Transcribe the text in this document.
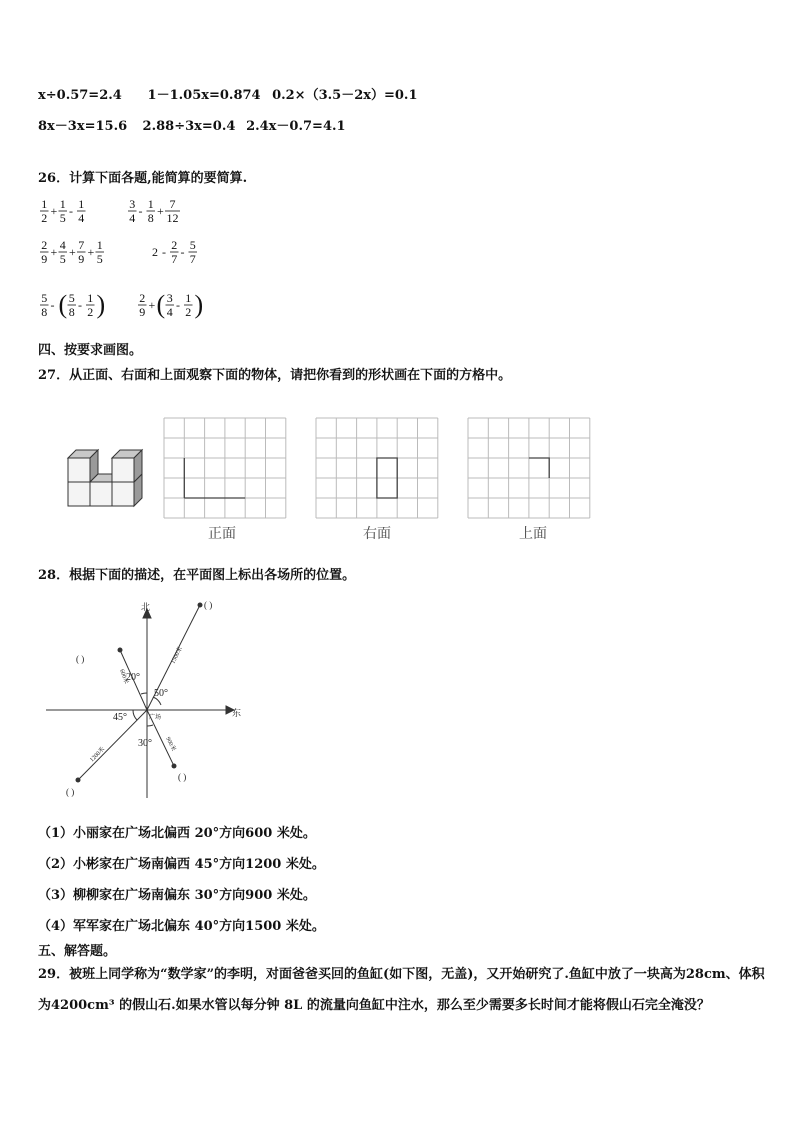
x÷0.57=2.4 1－1.05x=0.874 0.2×（3.5－2x）=0.1
8x－3x=15.6 2.88÷3x=0.4 2.4x－0.7=4.1
26．计算下面各题,能简算的要简算.
1
2 + 1
5 - 1
4
3
4 - 1
8 + 7
12
2
9 + 4
5 + 7
9 + 1
5	2 - 2
7 - 5
7
5
8 - ( 5
8 - 1
2 )	2
9 + ( 3
4 - 1
2 )
四、按要求画图。
27．从正面、右面和上面观察下面的物体，请把你看到的形状画在下面的方格中。
正面	右面	上面
28．根据下面的描述，在平面图上标出各场所的位置。
北
东
广场
20°
50°
45°
30°
600米
1500米
1200米
900米
( )
( )
( )
( )
（1）小丽家在广场北偏西 20°方向600 米处。
（2）小彬家在广场南偏西 45°方向1200 米处。
（3）柳柳家在广场南偏东 30°方向900 米处。
（4）军军家在广场北偏东 40°方向1500 米处。
五、解答题。
29．被班上同学称为“数学家”的李明，对面爸爸买回的鱼缸(如下图，无盖)，又开始研究了.鱼缸中放了一块高为28cm、体积为4200cm³ 的假山石.如果水管以每分钟 8L 的流量向鱼缸中注水，那么至少需要多长时间才能将假山石完全淹没？
